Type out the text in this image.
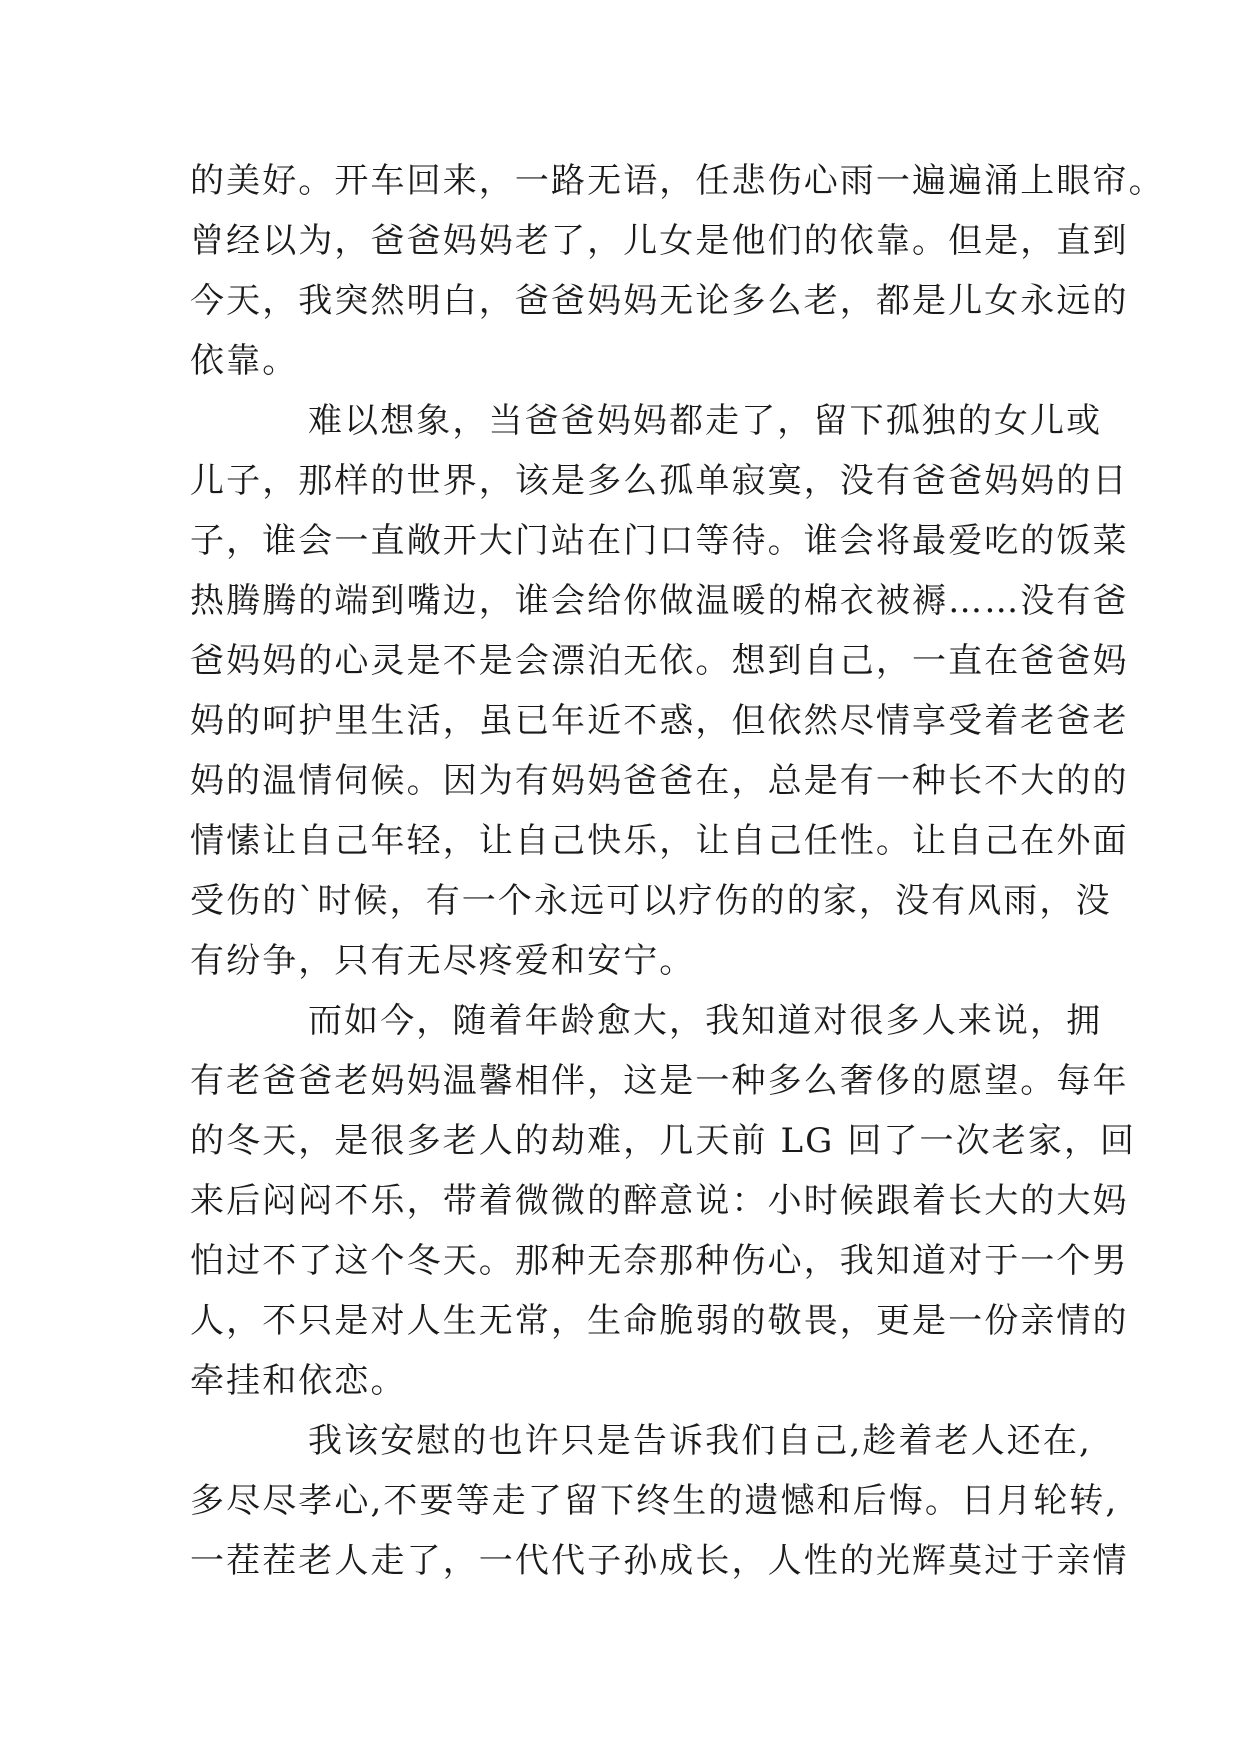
的美好。开车回来，一路无语，任悲伤心雨一遍遍涌上眼帘。
曾经以为，爸爸妈妈老了，儿女是他们的依靠。但是，直到
今天，我突然明白，爸爸妈妈无论多么老，都是儿女永远的
依靠。

难以想象，当爸爸妈妈都走了，留下孤独的女儿或
儿子，那样的世界，该是多么孤单寂寞，没有爸爸妈妈的日
子，谁会一直敞开大门站在门口等待。谁会将最爱吃的饭菜
热腾腾的端到嘴边，谁会给你做温暖的棉衣被褥……没有爸
爸妈妈的心灵是不是会漂泊无依。想到自己，一直在爸爸妈
妈的呵护里生活，虽已年近不惑，但依然尽情享受着老爸老
妈的温情伺候。因为有妈妈爸爸在，总是有一种长不大的的
情愫让自己年轻，让自己快乐，让自己任性。让自己在外面
受伤的`时候，有一个永远可以疗伤的的家，没有风雨，没
有纷争，只有无尽疼爱和安宁。

而如今，随着年龄愈大，我知道对很多人来说，拥
有老爸爸老妈妈温馨相伴，这是一种多么奢侈的愿望。每年
的冬天，是很多老人的劫难，几天前 LG 回了一次老家，回
来后闷闷不乐，带着微微的醉意说：小时候跟着长大的大妈
怕过不了这个冬天。那种无奈那种伤心，我知道对于一个男
人，不只是对人生无常，生命脆弱的敬畏，更是一份亲情的
牵挂和依恋。

我该安慰的也许只是告诉我们自己,趁着老人还在,
多尽尽孝心,不要等走了留下终生的遗憾和后悔。日月轮转,
一茬茬老人走了，一代代子孙成长，人性的光辉莫过于亲情
